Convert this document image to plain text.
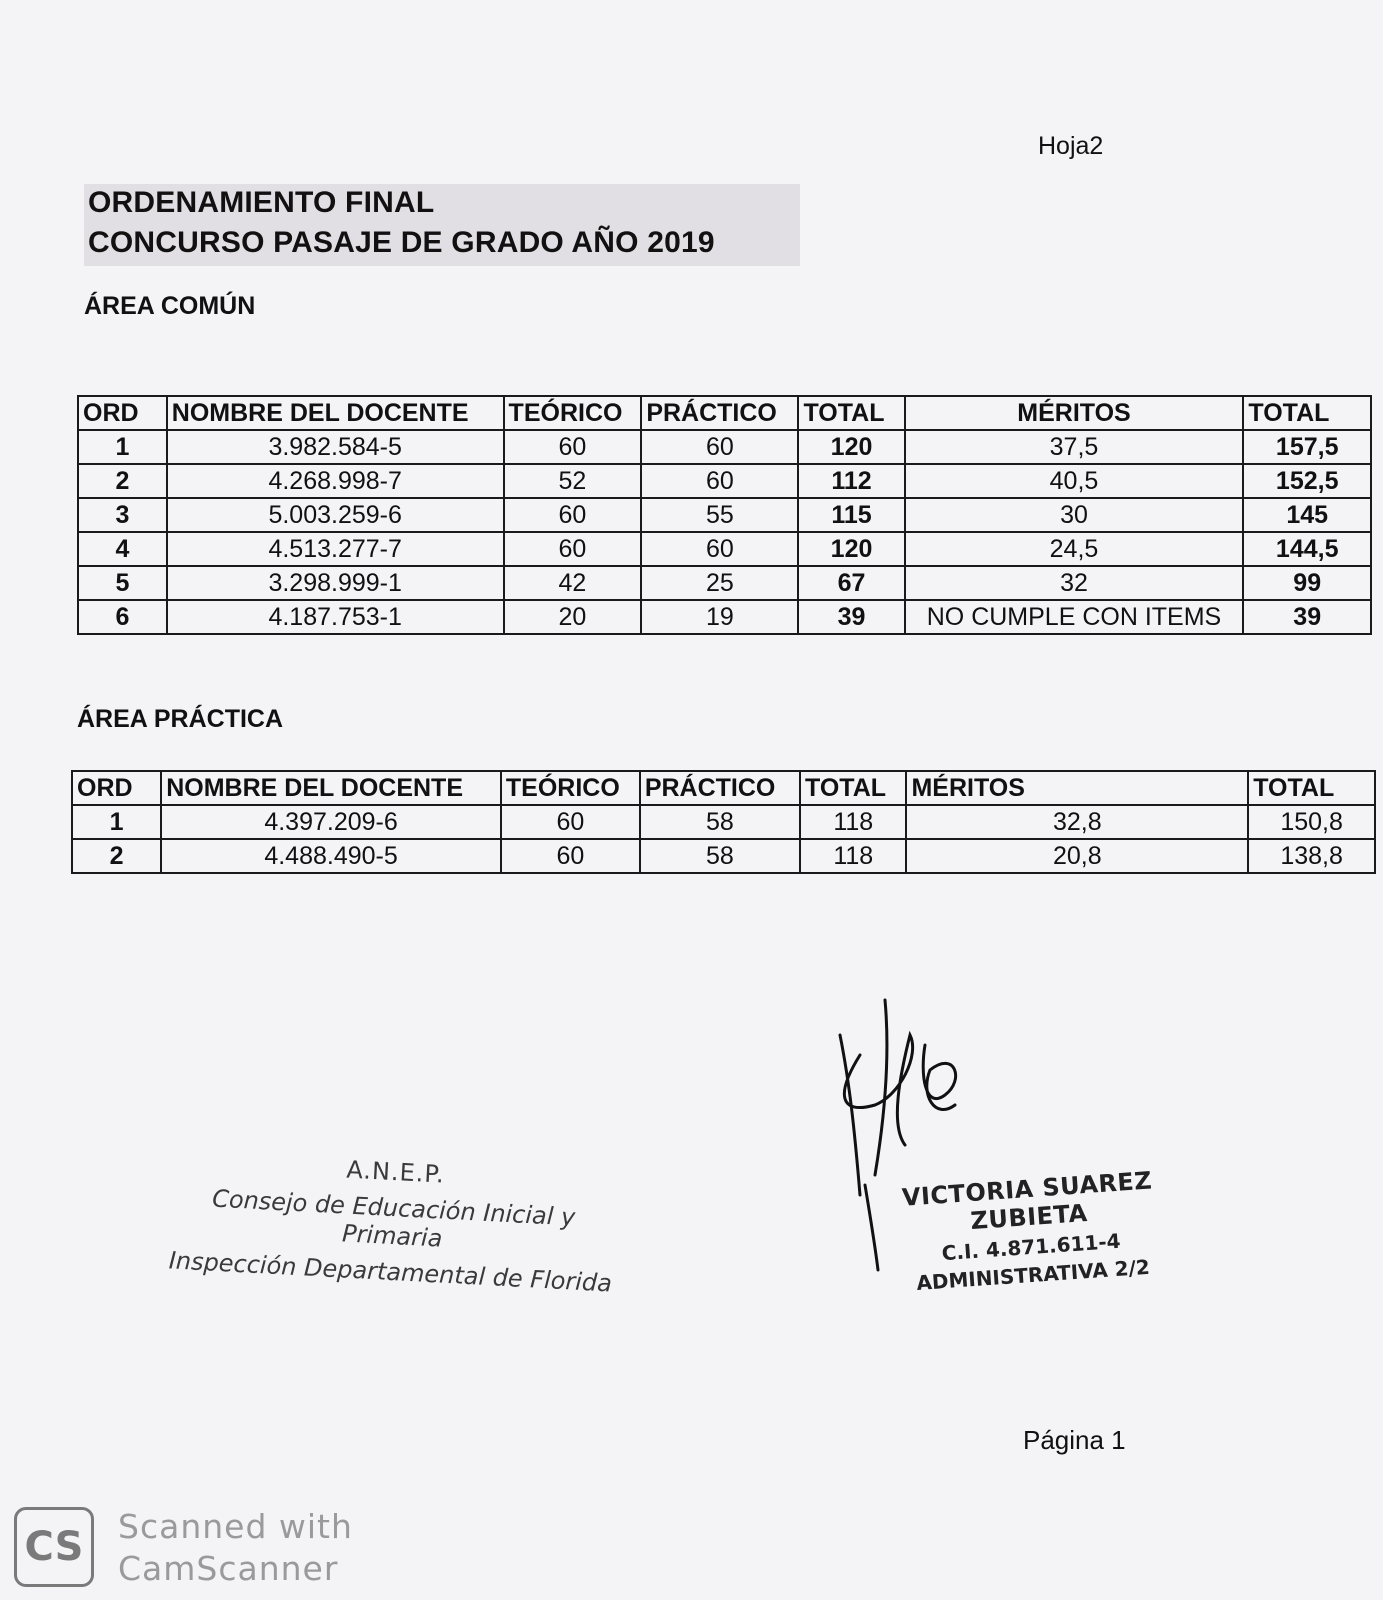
Hoja2
ORDENAMIENTO FINAL
CONCURSO PASAJE DE GRADO AÑO 2019
ÁREA COMÚN
ORD	NOMBRE DEL DOCENTE	TEÓRICO	PRÁCTICO	TOTAL	MÉRITOS	TOTAL
1	3.982.584-5	60	60	120	37,5	157,5
2	4.268.998-7	52	60	112	40,5	152,5
3	5.003.259-6	60	55	115	30	145
4	4.513.277-7	60	60	120	24,5	144,5
5	3.298.999-1	42	25	67	32	99
6	4.187.753-1	20	19	39	NO CUMPLE CON ITEMS	39
ÁREA PRÁCTICA
ORD	NOMBRE DEL DOCENTE	TEÓRICO	PRÁCTICO	TOTAL	MÉRITOS	TOTAL
1	4.397.209-6	60	58	118	32,8	150,8
2	4.488.490-5	60	58	118	20,8	138,8
A.N.E.P.
Consejo de Educación Inicial y Primaria
Inspección Departamental de Florida
VICTORIA SUAREZ ZUBIETA
C.I. 4.871.611-4
ADMINISTRATIVA 2/2
Página 1
CS	Scanned with
CamScanner
